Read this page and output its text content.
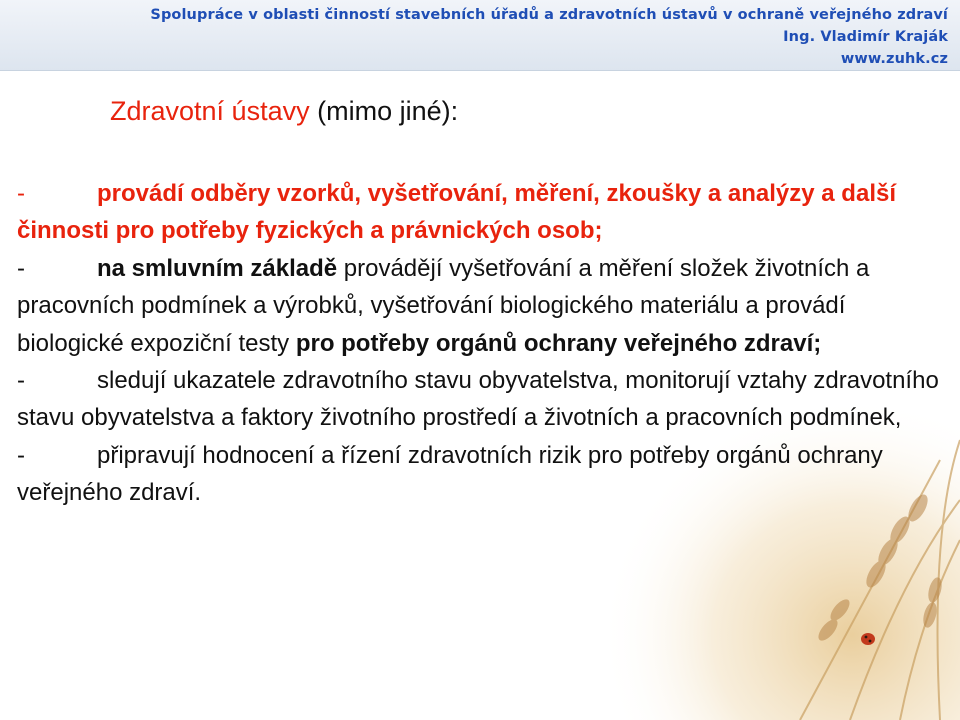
Spolupráce v oblasti činností stavebních úřadů a zdravotních ústavů v ochraně veřejného zdraví
Ing. Vladimír Kraják
www.zuhk.cz
Zdravotní ústavy (mimo jiné):

-	provádí odběry vzorků, vyšetřování, měření, zkoušky a analýzy a další činnosti pro potřeby fyzických a právnických osob;

-	na smluvním základě provádějí vyšetřování a měření složek životních a pracovních podmínek a výrobků, vyšetřování biologického materiálu a provádí biologické expoziční testy pro potřeby orgánů ochrany veřejného zdraví;

-	sledují ukazatele zdravotního stavu obyvatelstva, monitorují vztahy zdravotního stavu obyvatelstva a faktory životního prostředí a životních a pracovních podmínek,

-	připravují hodnocení a řízení zdravotních rizik pro potřeby orgánů ochrany veřejného zdraví.
